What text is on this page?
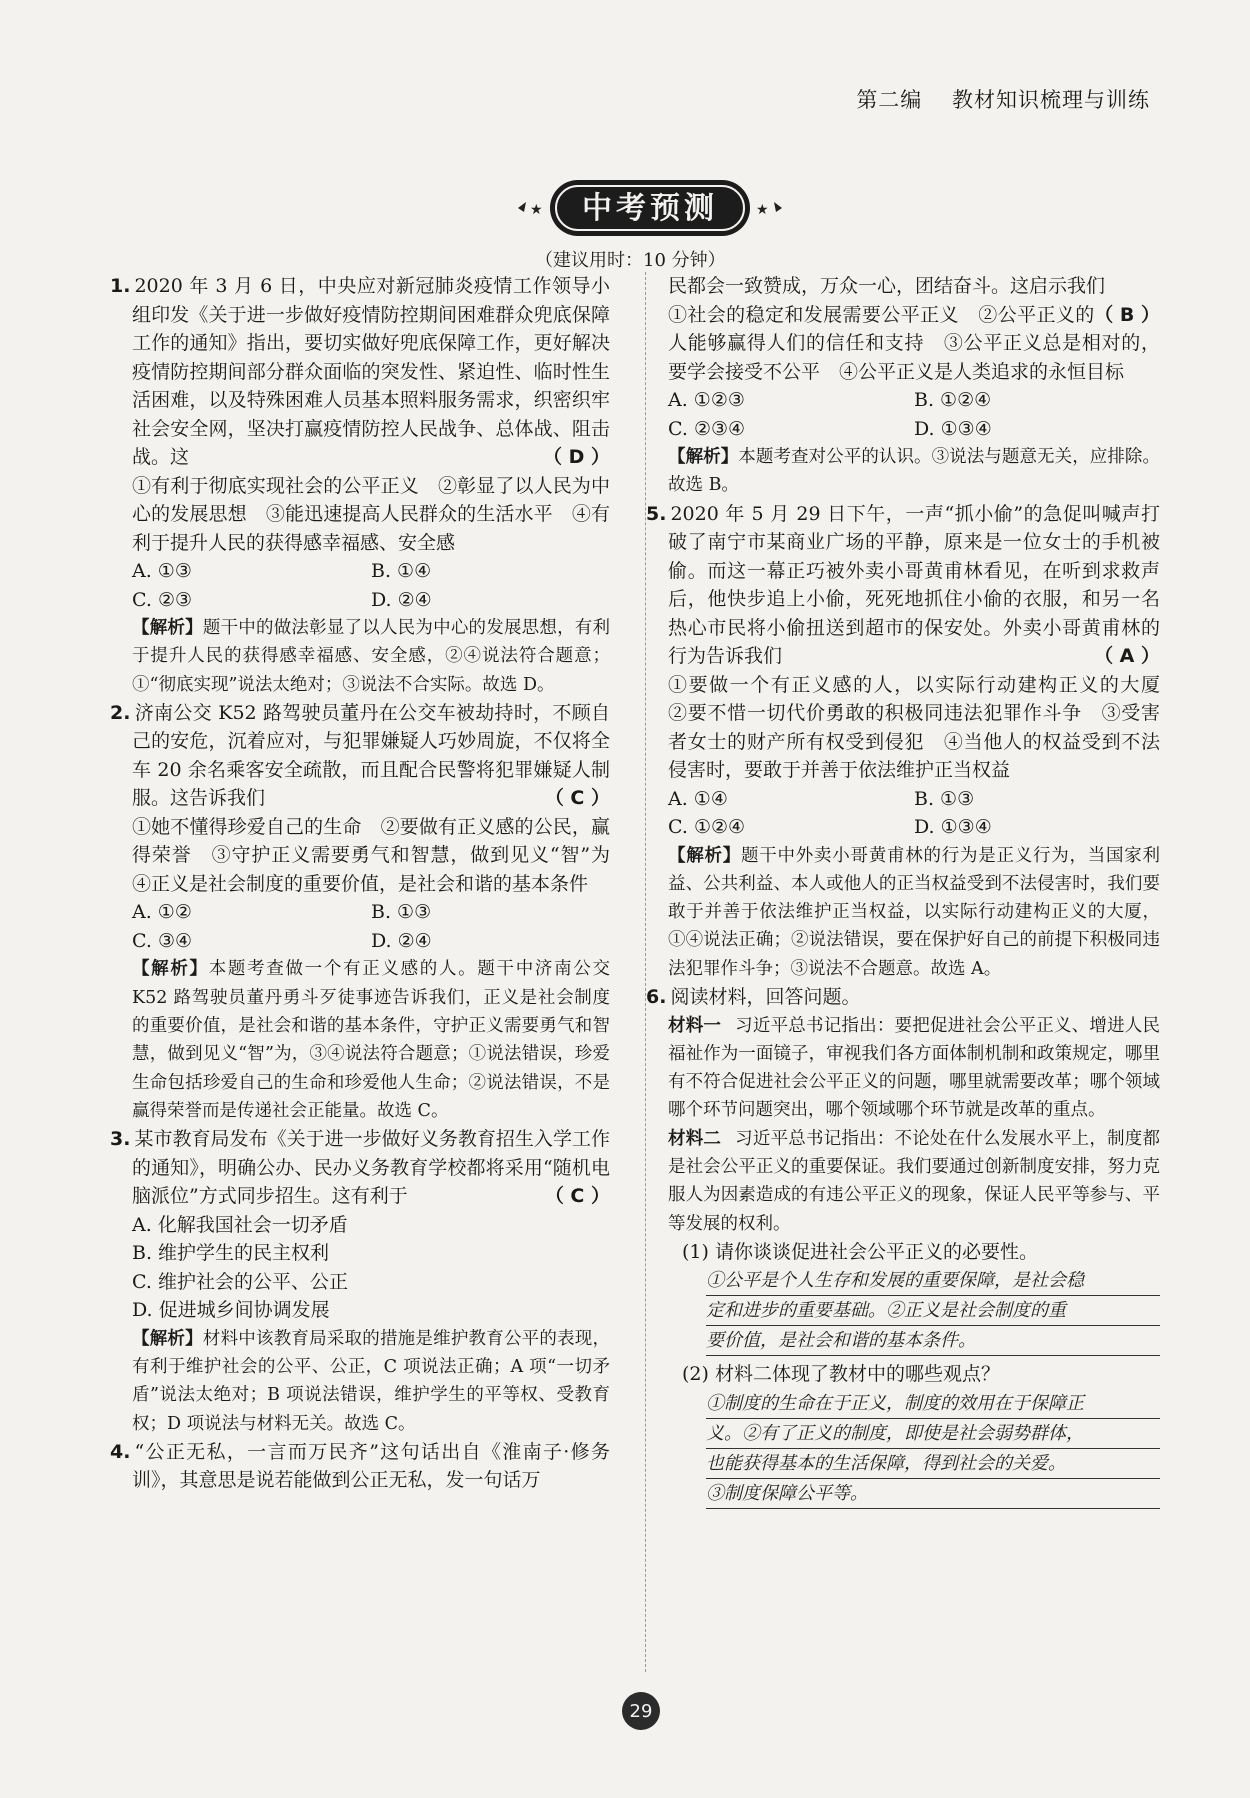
第二编 教材知识梳理与训练
★	★
中考预测
（建议用时：10 分钟）

1. 2020 年 3 月 6 日，中央应对新冠肺炎疫情工作领导小组印发《关于进一步做好疫情防控期间困难群众兜底保障工作的通知》指出，要切实做好兜底保障工作，更好解决疫情防控期间部分群众面临的突发性、紧迫性、临时性生活困难，以及特殊困难人员基本照料服务需求，织密织牢社会安全网，坚决打赢疫情防控人民战争、总体战、阻击战。这	（ D ）

①有利于彻底实现社会的公平正义　②彰显了以人民为中心的发展思想　③能迅速提高人民群众的生活水平　④有利于提升人民的获得感幸福感、安全感

A. ①③	B. ①④
C. ②③	D. ②④

【解析】题干中的做法彰显了以人民为中心的发展思想，有利于提升人民的获得感幸福感、安全感，②④说法符合题意；①“彻底实现”说法太绝对；③说法不合实际。故选 D。

2. 济南公交 K52 路驾驶员董丹在公交车被劫持时，不顾自己的安危，沉着应对，与犯罪嫌疑人巧妙周旋，不仅将全车 20 余名乘客安全疏散，而且配合民警将犯罪嫌疑人制服。这告诉我们	（ C ）

①她不懂得珍爱自己的生命　②要做有正义感的公民，赢得荣誉　③守护正义需要勇气和智慧，做到见义“智”为　④正义是社会制度的重要价值，是社会和谐的基本条件

A. ①②	B. ①③
C. ③④	D. ②④

【解析】本题考查做一个有正义感的人。题干中济南公交 K52 路驾驶员董丹勇斗歹徒事迹告诉我们，正义是社会制度的重要价值，是社会和谐的基本条件，守护正义需要勇气和智慧，做到见义“智”为，③④说法符合题意；①说法错误，珍爱生命包括珍爱自己的生命和珍爱他人生命；②说法错误，不是赢得荣誉而是传递社会正能量。故选 C。

3. 某市教育局发布《关于进一步做好义务教育招生入学工作的通知》，明确公办、民办义务教育学校都将采用“随机电脑派位”方式同步招生。这有利于	（ C ）

A. 化解我国社会一切矛盾
B. 维护学生的民主权利
C. 维护社会的公平、公正
D. 促进城乡间协调发展

【解析】材料中该教育局采取的措施是维护教育公平的表现，有利于维护社会的公平、公正，C 项说法正确；A 项“一切矛盾”说法太绝对；B 项说法错误，维护学生的平等权、受教育权；D 项说法与材料无关。故选 C。

4. “公正无私，一言而万民齐”这句话出自《淮南子·修务训》，其意思是说若能做到公正无私，发一句话万

民都会一致赞成，万众一心，团结奋斗。这启示我们
（ B ）

①社会的稳定和发展需要公平正义　②公平正义的人能够赢得人们的信任和支持　③公平正义总是相对的，要学会接受不公平　④公平正义是人类追求的永恒目标

A. ①②③	B. ①②④
C. ②③④	D. ①③④

【解析】本题考查对公平的认识。③说法与题意无关，应排除。故选 B。

5. 2020 年 5 月 29 日下午，一声“抓小偷”的急促叫喊声打破了南宁市某商业广场的平静，原来是一位女士的手机被偷。而这一幕正巧被外卖小哥黄甫林看见，在听到求救声后，他快步追上小偷，死死地抓住小偷的衣服，和另一名热心市民将小偷扭送到超市的保安处。外卖小哥黄甫林的行为告诉我们	（ A ）

①要做一个有正义感的人，以实际行动建构正义的大厦　②要不惜一切代价勇敢的积极同违法犯罪作斗争　③受害者女士的财产所有权受到侵犯　④当他人的权益受到不法侵害时，要敢于并善于依法维护正当权益

A. ①④	B. ①③
C. ①②④	D. ①③④

【解析】题干中外卖小哥黄甫林的行为是正义行为，当国家利益、公共利益、本人或他人的正当权益受到不法侵害时，我们要敢于并善于依法维护正当权益，以实际行动建构正义的大厦，①④说法正确；②说法错误，要在保护好自己的前提下积极同违法犯罪作斗争；③说法不合题意。故选 A。

6. 阅读材料，回答问题。

材料一 习近平总书记指出：要把促进社会公平正义、增进人民福祉作为一面镜子，审视我们各方面体制机制和政策规定，哪里有不符合促进社会公平正义的问题，哪里就需要改革；哪个领域哪个环节问题突出，哪个领域哪个环节就是改革的重点。

材料二 习近平总书记指出：不论处在什么发展水平上，制度都是社会公平正义的重要保证。我们要通过创新制度安排，努力克服人为因素造成的有违公平正义的现象，保证人民平等参与、平等发展的权利。

(1) 请你谈谈促进社会公平正义的必要性。

①公平是个人生存和发展的重要保障，是社会稳
定和进步的重要基础。②正义是社会制度的重
要价值，是社会和谐的基本条件。

(2) 材料二体现了教材中的哪些观点？

①制度的生命在于正义，制度的效用在于保障正
义。②有了正义的制度，即使是社会弱势群体，
也能获得基本的生活保障，得到社会的关爱。
③制度保障公平等。
29
